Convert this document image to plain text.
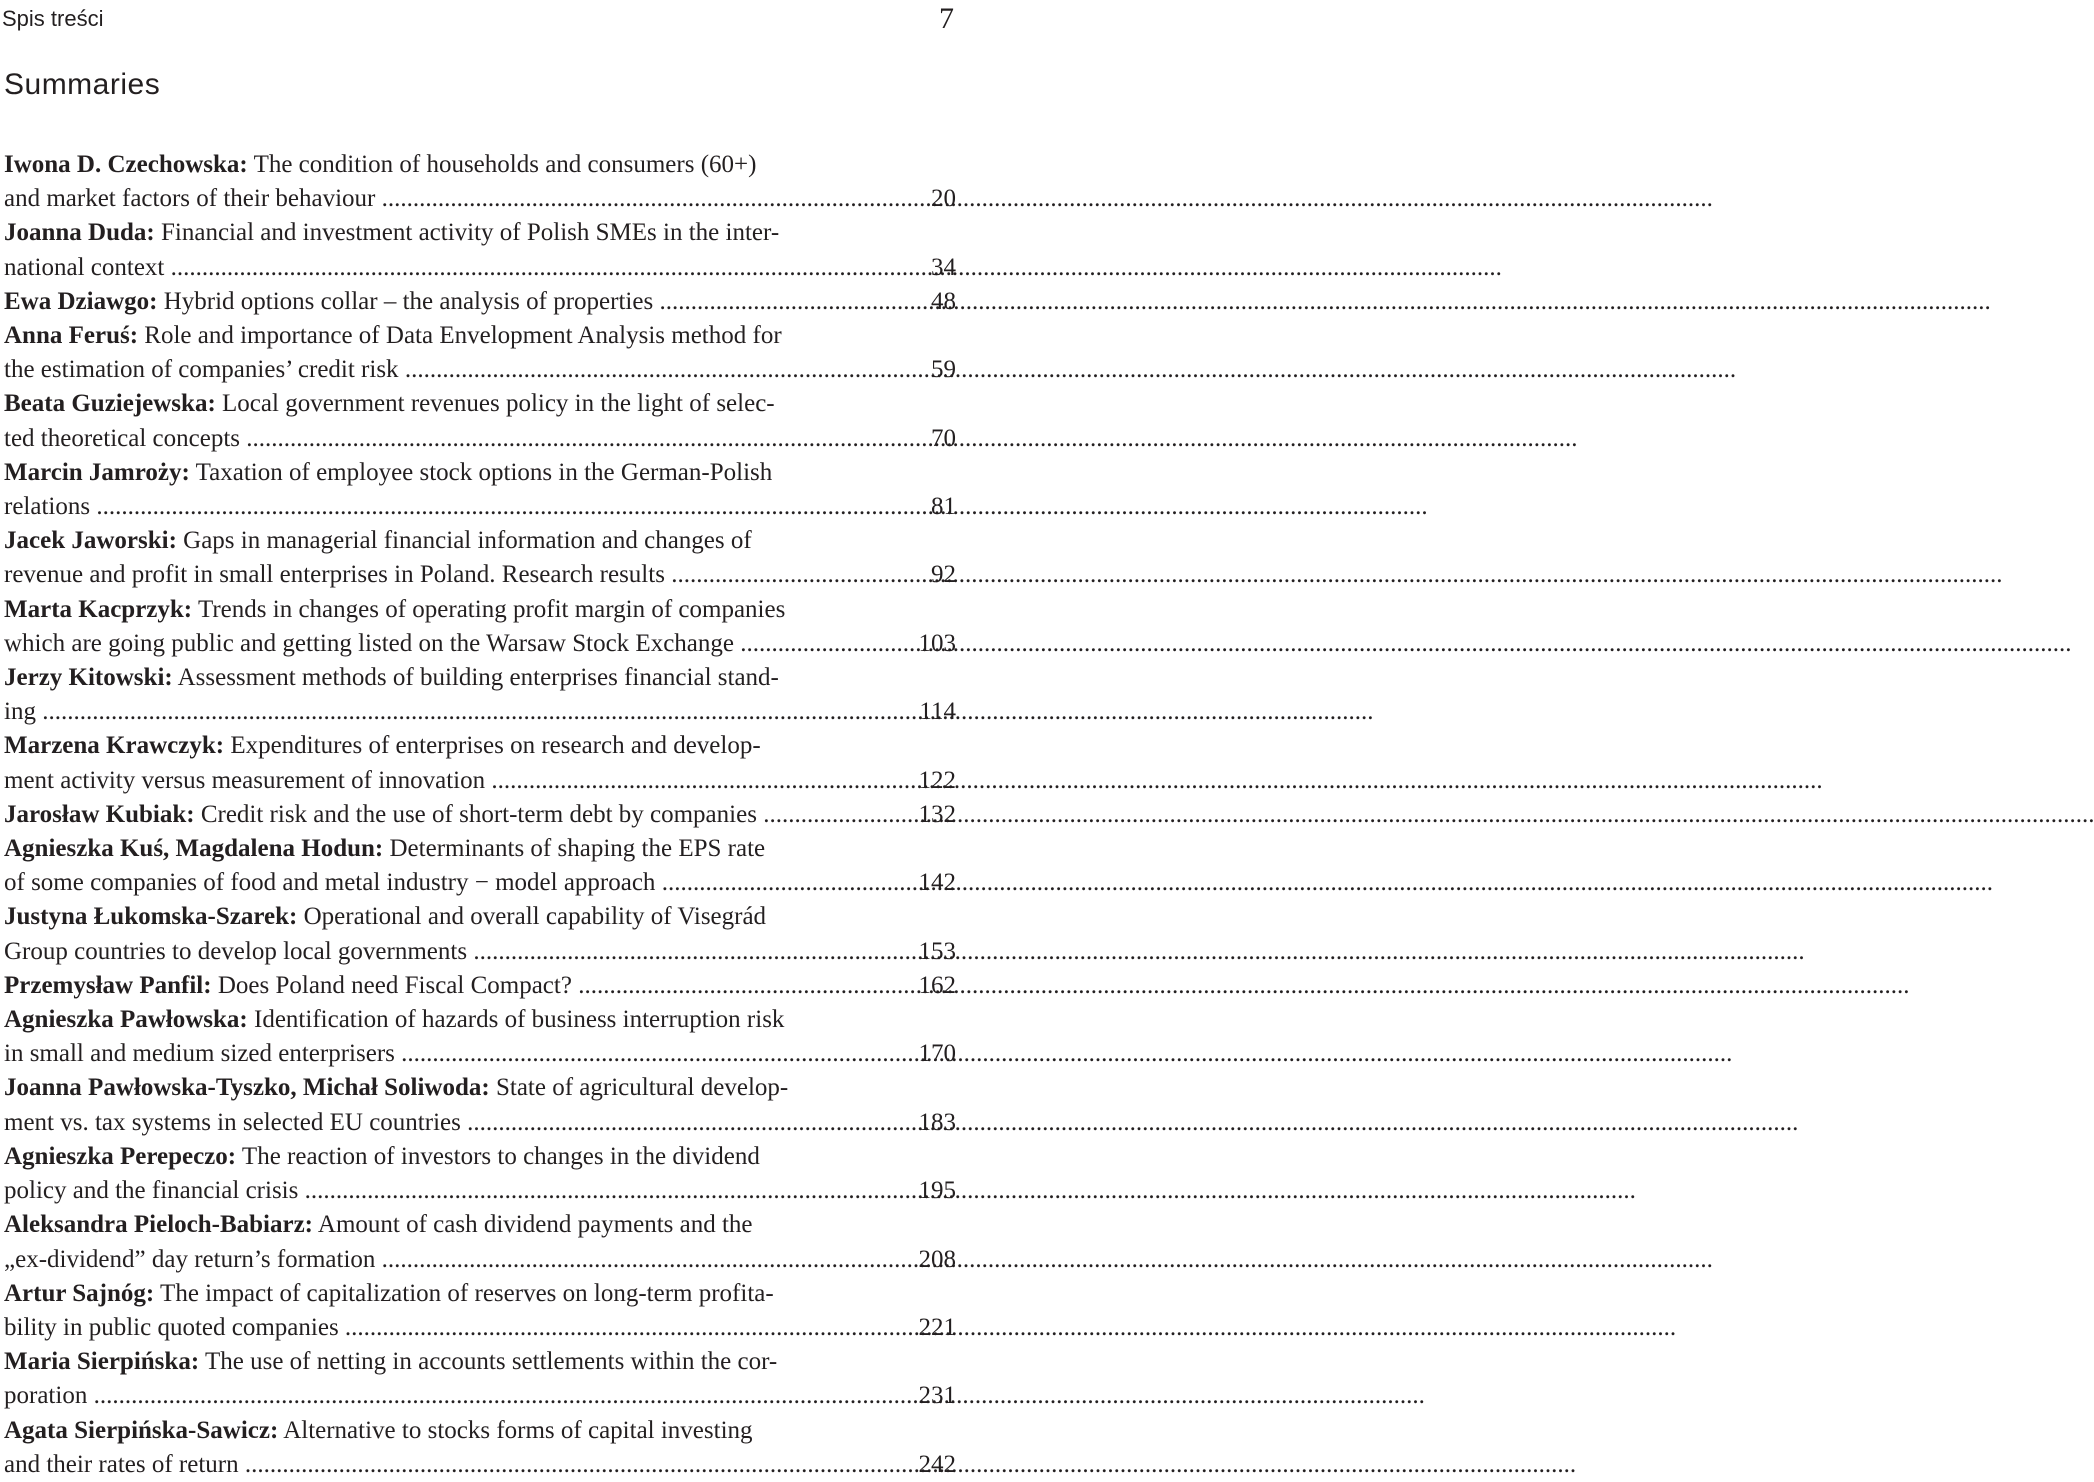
Spis treści	7
Summaries
Iwona D. Czechowska: The condition of households and consumers (60+)
and market factors of their behaviour .....	20
Joanna Duda: Financial and investment activity of Polish SMEs in the inter-
national context .....	34
Ewa Dziawgo: Hybrid options collar – the analysis of properties .....	48
Anna Feruś: Role and importance of Data Envelopment Analysis method for
the estimation of companies’ credit risk .....	59
Beata Guziejewska: Local government revenues policy in the light of selec-
ted theoretical concepts .....	70
Marcin Jamroży: Taxation of employee stock options in the German-Polish
relations .....	81
Jacek Jaworski: Gaps in managerial financial information and changes of
revenue and profit in small enterprises in Poland. Research results .....	92
Marta Kacprzyk: Trends in changes of operating profit margin of companies
which are going public and getting listed on the Warsaw Stock Exchange .....	103
Jerzy Kitowski: Assessment methods of building enterprises financial stand-
ing .....	114
Marzena Krawczyk: Expenditures of enterprises on research and develop-
ment activity versus measurement of innovation .....	122
Jarosław Kubiak: Credit risk and the use of short-term debt by companies .....	132
Agnieszka Kuś, Magdalena Hodun: Determinants of shaping the EPS rate
of some companies of food and metal industry − model approach .....	142
Justyna Łukomska-Szarek: Operational and overall capability of Visegrád
Group countries to develop local governments .....	153
Przemysław Panfil: Does Poland need Fiscal Compact? .....	162
Agnieszka Pawłowska: Identification of hazards of business interruption risk
in small and medium sized enterprisers .....	170
Joanna Pawłowska-Tyszko, Michał Soliwoda: State of agricultural develop-
ment vs. tax systems in selected EU countries .....	183
Agnieszka Perepeczo: The reaction of investors to changes in the dividend
policy and the financial crisis .....	195
Aleksandra Pieloch-Babiarz: Amount of cash dividend payments and the
„ex-dividend” day return’s formation .....	208
Artur Sajnóg: The impact of capitalization of reserves on long-term profita-
bility in public quoted companies .....	221
Maria Sierpińska: The use of netting in accounts settlements within the cor-
poration .....	231
Agata Sierpińska-Sawicz: Alternative to stocks forms of capital investing
and their rates of return .....	242
